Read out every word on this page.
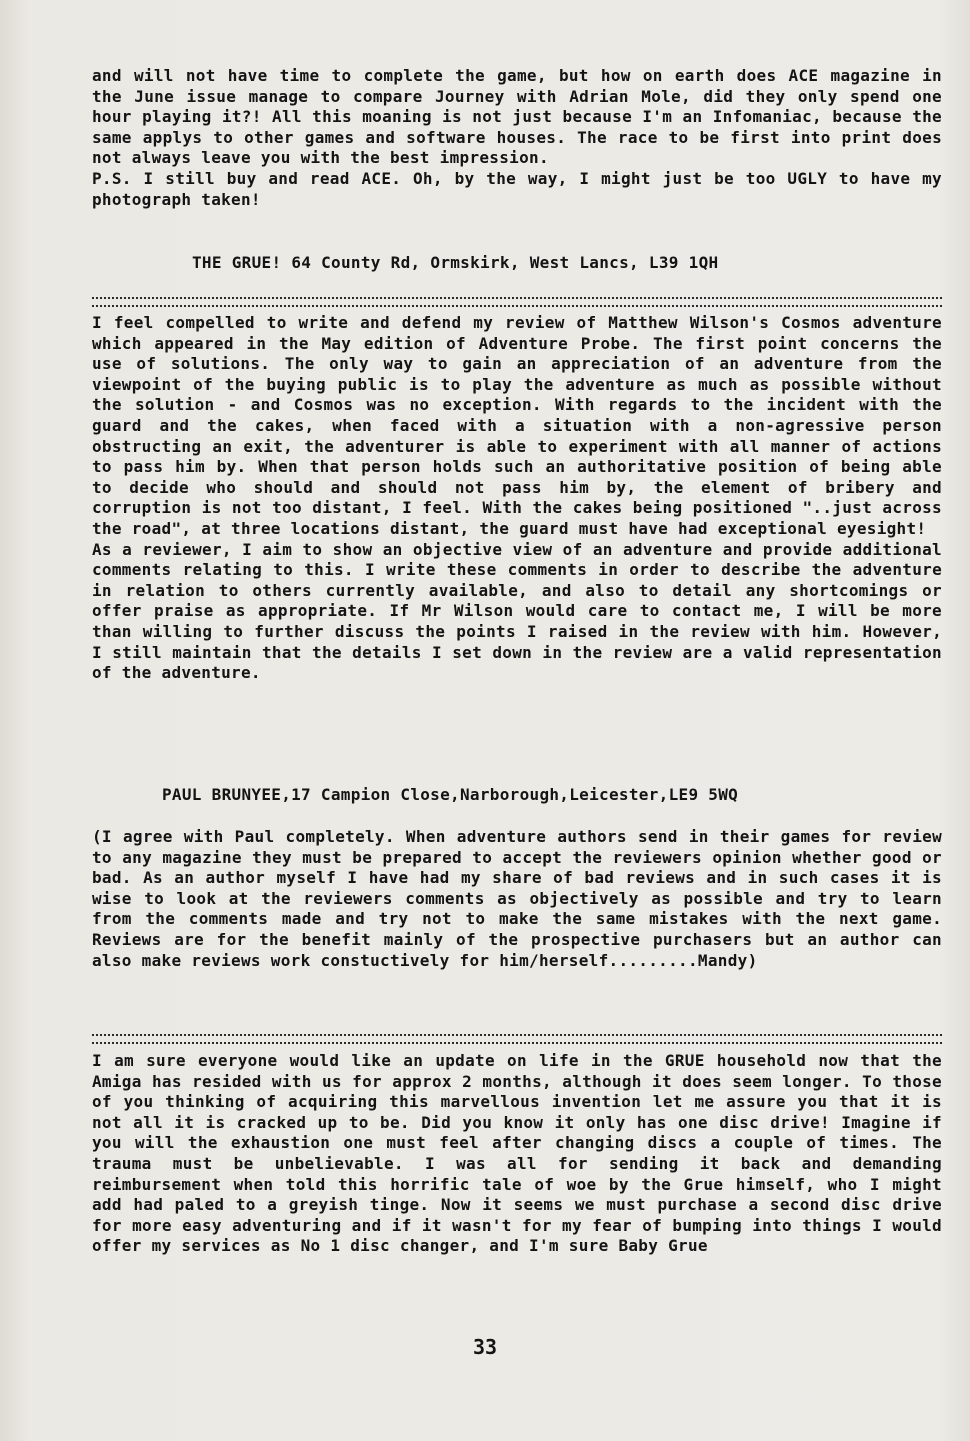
and will not have time to complete the game, but how on earth does ACE magazine in the June issue manage to compare Journey with Adrian Mole, did they only spend one hour playing it?! All this moaning is not just because I'm an Infomaniac, because the same applys to other games and software houses. The race to be first into print does not always leave you with the best impression.

P.S. I still buy and read ACE. Oh, by the way, I might just be too UGLY to have my photograph taken!

THE GRUE! 64 County Rd, Ormskirk, West Lancs, L39 1QH

I feel compelled to write and defend my review of Matthew Wilson's Cosmos adventure which appeared in the May edition of Adventure Probe. The first point concerns the use of solutions. The only way to gain an appreciation of an adventure from the viewpoint of the buying public is to play the adventure as much as possible without the solution - and Cosmos was no exception. With regards to the incident with the guard and the cakes, when faced with a situation with a non-agressive person obstructing an exit, the adventurer is able to experiment with all manner of actions to pass him by. When that person holds such an authoritative position of being able to decide who should and should not pass him by, the element of bribery and corruption is not too distant, I feel. With the cakes being positioned "..just across the road", at three locations distant, the guard must have had exceptional eyesight!

As a reviewer, I aim to show an objective view of an adventure and provide additional comments relating to this. I write these comments in order to describe the adventure in relation to others currently available, and also to detail any shortcomings or offer praise as appropriate. If Mr Wilson would care to contact me, I will be more than willing to further discuss the points I raised in the review with him. However, I still maintain that the details I set down in the review are a valid representation of the adventure.

PAUL BRUNYEE,17 Campion Close,Narborough,Leicester,LE9 5WQ

(I agree with Paul completely. When adventure authors send in their games for review to any magazine they must be prepared to accept the reviewers opinion whether good or bad. As an author myself I have had my share of bad reviews and in such cases it is wise to look at the reviewers comments as objectively as possible and try to learn from the comments made and try not to make the same mistakes with the next game. Reviews are for the benefit mainly of the prospective purchasers but an author can also make reviews work constuctively for him/herself.........Mandy)

I am sure everyone would like an update on life in the GRUE household now that the Amiga has resided with us for approx 2 months, although it does seem longer. To those of you thinking of acquiring this marvellous invention let me assure you that it is not all it is cracked up to be. Did you know it only has one disc drive! Imagine if you will the exhaustion one must feel after changing discs a couple of times. The trauma must be unbelievable. I was all for sending it back and demanding reimbursement when told this horrific tale of woe by the Grue himself, who I might add had paled to a greyish tinge. Now it seems we must purchase a second disc drive for more easy adventuring and if it wasn't for my fear of bumping into things I would offer my services as No 1 disc changer, and I'm sure Baby Grue

33
